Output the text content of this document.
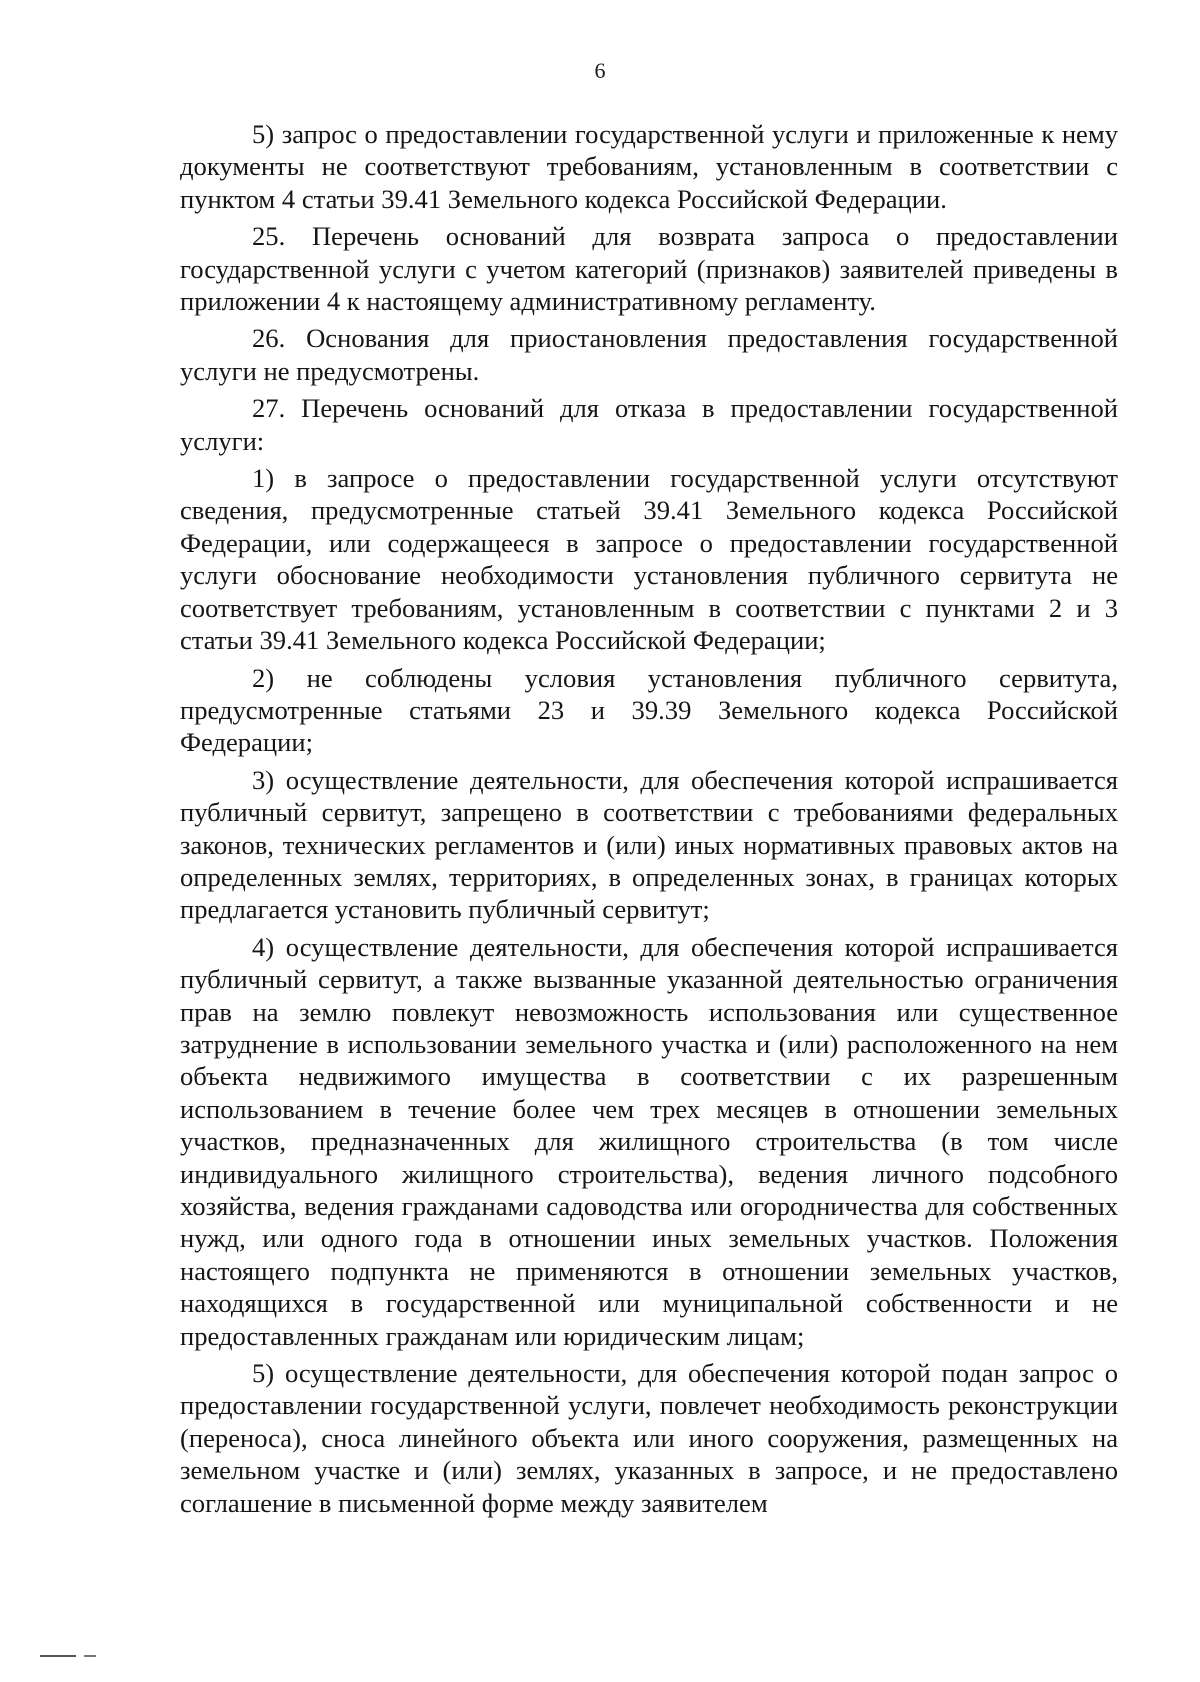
6

5) запрос о предоставлении государственной услуги и приложенные к нему документы не соответствуют требованиям, установленным в соответствии с пунктом 4 статьи 39.41 Земельного кодекса Российской Федерации.

25. Перечень оснований для возврата запроса о предоставлении государственной услуги с учетом категорий (признаков) заявителей приведены в приложении 4 к настоящему административному регламенту.

26. Основания для приостановления предоставления государственной услуги не предусмотрены.

27. Перечень оснований для отказа в предоставлении государственной услуги:

1) в запросе о предоставлении государственной услуги отсутствуют сведения, предусмотренные статьей 39.41 Земельного кодекса Российской Федерации, или содержащееся в запросе о предоставлении государственной услуги обоснование необходимости установления публичного сервитута не соответствует требованиям, установленным в соответствии с пунктами 2 и 3 статьи 39.41 Земельного кодекса Российской Федерации;

2) не соблюдены условия установления публичного сервитута, предусмотренные статьями 23 и 39.39 Земельного кодекса Российской Федерации;

3) осуществление деятельности, для обеспечения которой испрашивается публичный сервитут, запрещено в соответствии с требованиями федеральных законов, технических регламентов и (или) иных нормативных правовых актов на определенных землях, территориях, в определенных зонах, в границах которых предлагается установить публичный сервитут;

4) осуществление деятельности, для обеспечения которой испрашивается публичный сервитут, а также вызванные указанной деятельностью ограничения прав на землю повлекут невозможность использования или существенное затруднение в использовании земельного участка и (или) расположенного на нем объекта недвижимого имущества в соответствии с их разрешенным использованием в течение более чем трех месяцев в отношении земельных участков, предназначенных для жилищного строительства (в том числе индивидуального жилищного строительства), ведения личного подсобного хозяйства, ведения гражданами садоводства или огородничества для собственных нужд, или одного года в отношении иных земельных участков. Положения настоящего подпункта не применяются в отношении земельных участков, находящихся в государственной или муниципальной собственности и не предоставленных гражданам или юридическим лицам;

5) осуществление деятельности, для обеспечения которой подан запрос о предоставлении государственной услуги, повлечет необходимость реконструкции (переноса), сноса линейного объекта или иного сооружения, размещенных на земельном участке и (или) землях, указанных в запросе, и не предоставлено соглашение в письменной форме между заявителем
